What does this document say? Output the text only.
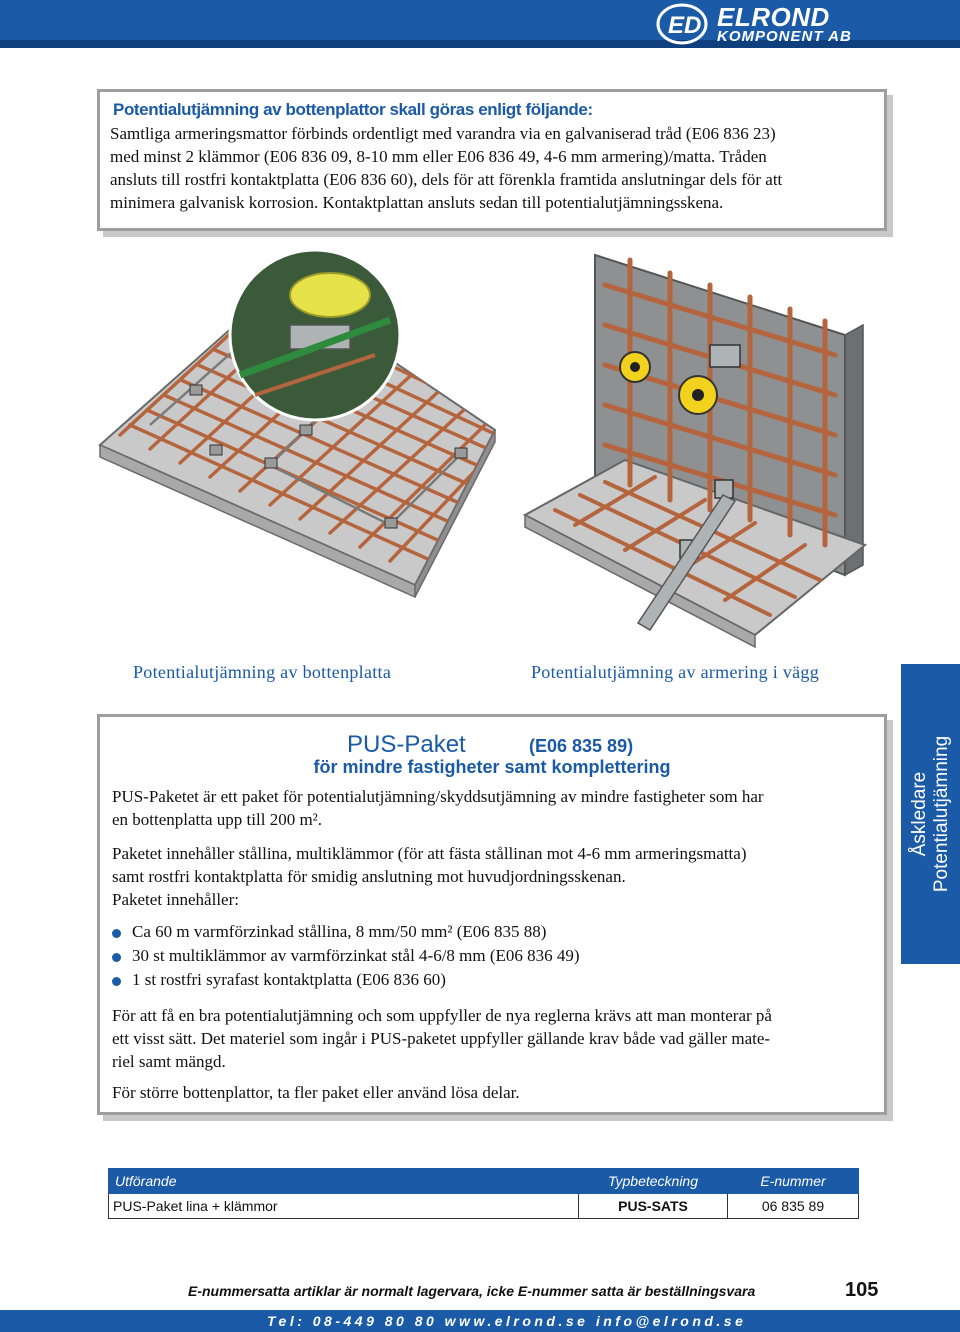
ED ELROND
KOMPONENT AB
Potentialutjämning av bottenplattor skall göras enligt följande:
Samtliga armeringsmattor förbinds ordentligt med varandra via en galvaniserad tråd (E06 836 23)
med minst 2 klämmor (E06 836 09, 8-10 mm eller E06 836 49, 4-6 mm armering)/matta. Tråden
ansluts till rostfri kontaktplatta (E06 836 60), dels för att förenkla framtida anslutningar dels för att
minimera galvanisk korrosion. Kontaktplattan ansluts sedan till potentialutjämningsskena.
Potentialutjämning av bottenplatta	Potentialutjämning av armering i vägg
Åskledare Potentialutjämning
PUS-Paket	(E06 835 89)
för mindre fastigheter samt komplettering
PUS-Paketet är ett paket för potentialutjämning/skyddsutjämning av mindre fastigheter som har
en bottenplatta upp till 200 m².
Paketet innehåller stållina, multiklämmor (för att fästa stållinan mot 4-6 mm armeringsmatta)
samt rostfri kontaktplatta för smidig anslutning mot huvudjordningsskenan.
Paketet innehåller:
Ca 60 m varmförzinkad stållina, 8 mm/50 mm² (E06 835 88)
30 st multiklämmor av varmförzinkat stål 4-6/8 mm (E06 836 49)
1 st rostfri syrafast kontaktplatta (E06 836 60)
För att få en bra potentialutjämning och som uppfyller de nya reglerna krävs att man monterar på
ett visst sätt. Det materiel som ingår i PUS-paketet uppfyller gällande krav både vad gäller mate-
riel samt mängd.
För större bottenplattor, ta fler paket eller använd lösa delar.
Utförande	Typbeteckning	E-nummer
PUS-Paket lina + klämmor	PUS-SATS	06 835 89
E-nummersatta artiklar är normalt lagervara, icke E-nummer satta är beställningsvara	105
Tel: 08-449 80 80 www.elrond.se info@elrond.se
